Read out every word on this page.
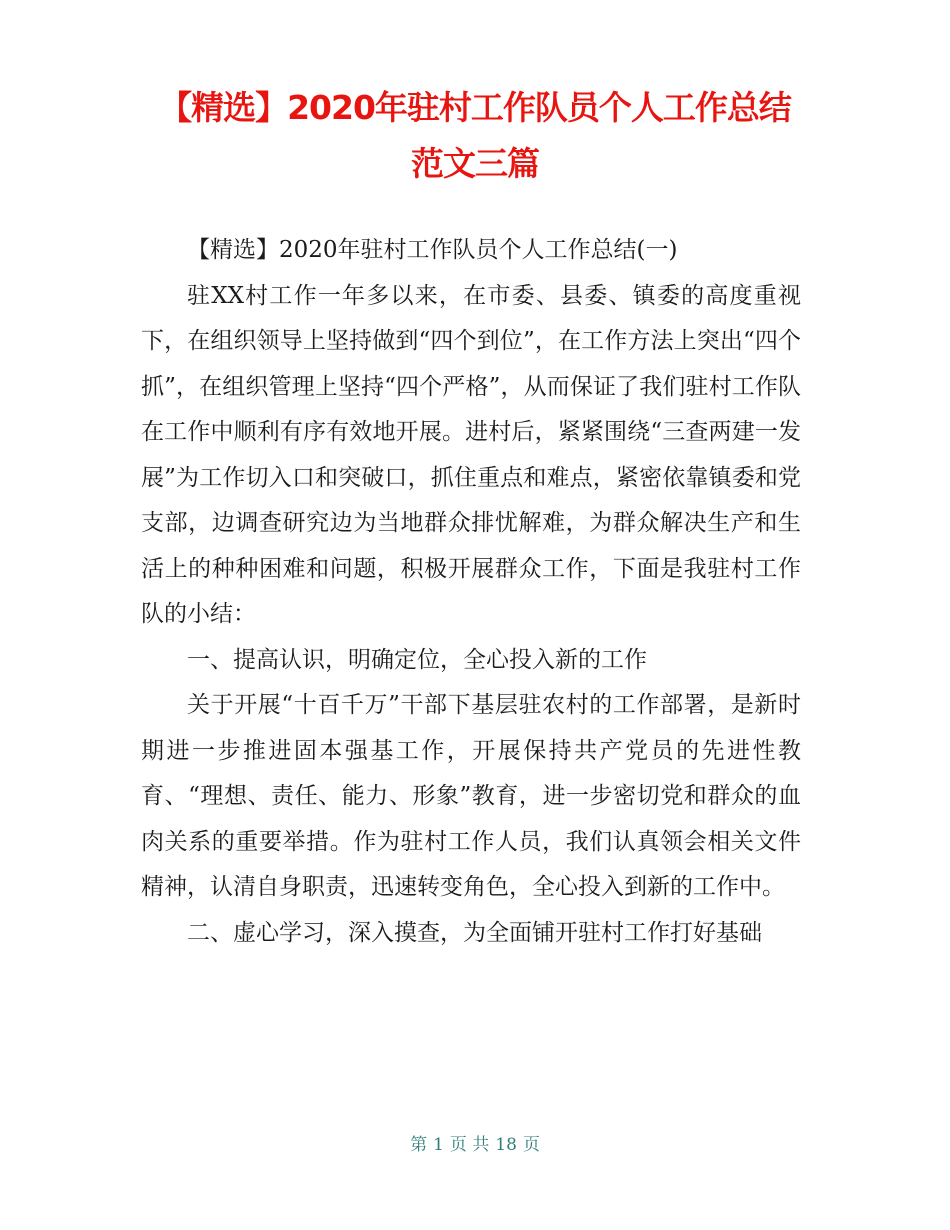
【精选】2020年驻村工作队员个人工作总结
范文三篇

【精选】2020年驻村工作队员个人工作总结(一)

驻XX村工作一年多以来，在市委、县委、镇委的高度重视下，在组织领导上坚持做到“四个到位”，在工作方法上突出“四个抓”，在组织管理上坚持“四个严格”，从而保证了我们驻村工作队在工作中顺利有序有效地开展。进村后，紧紧围绕“三查两建一发展”为工作切入口和突破口，抓住重点和难点，紧密依靠镇委和党支部，边调查研究边为当地群众排忧解难，为群众解决生产和生活上的种种困难和问题，积极开展群众工作，下面是我驻村工作队的小结：

一、提高认识，明确定位，全心投入新的工作

关于开展“十百千万”干部下基层驻农村的工作部署，是新时期进一步推进固本强基工作，开展保持共产党员的先进性教育、“理想、责任、能力、形象”教育，进一步密切党和群众的血肉关系的重要举措。作为驻村工作人员，我们认真领会相关文件精神，认清自身职责，迅速转变角色，全心投入到新的工作中。

二、虚心学习，深入摸查，为全面铺开驻村工作打好基础

第 1 页 共 18 页
